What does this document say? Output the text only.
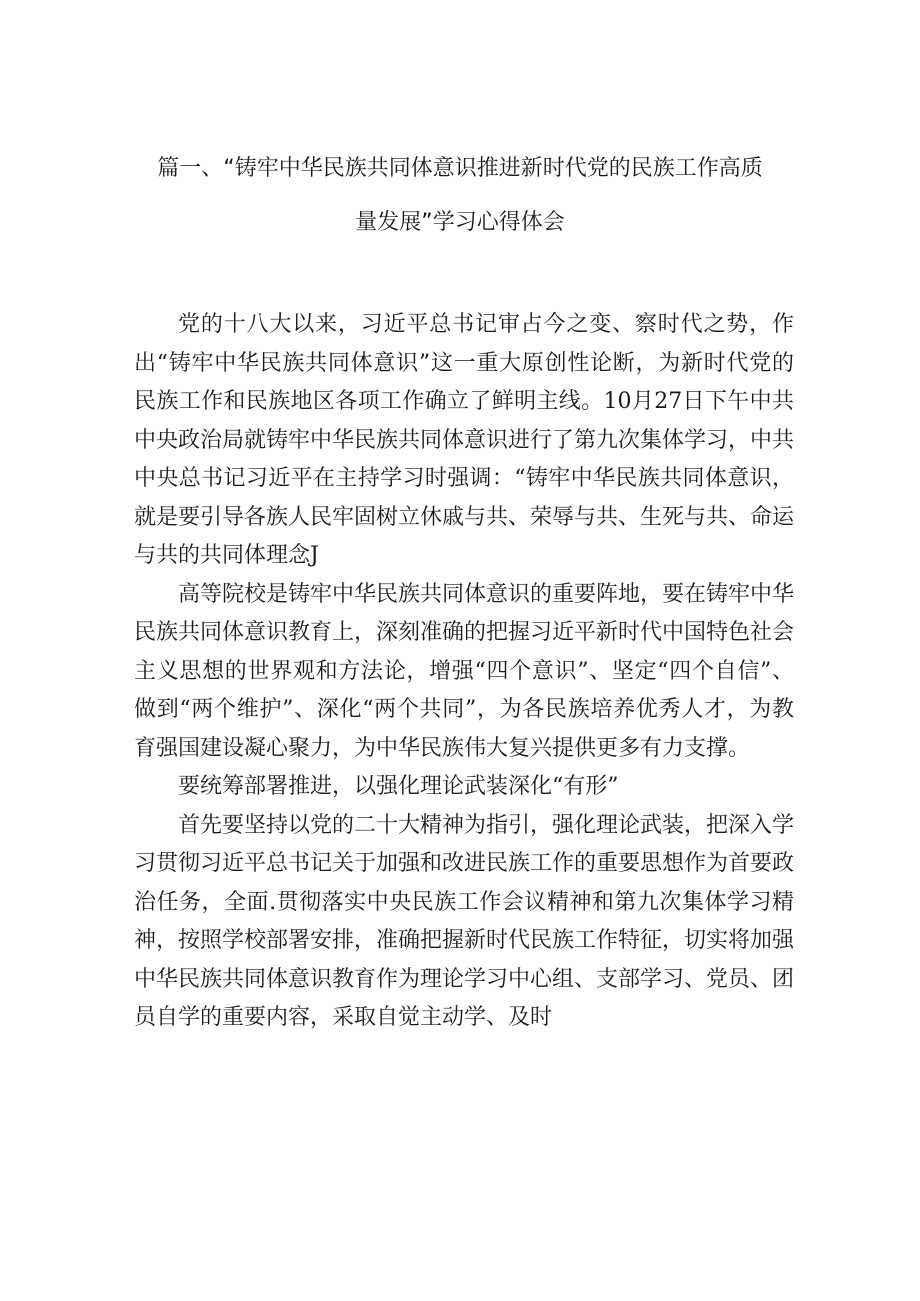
篇一、“铸牢中华民族共同体意识推进新时代党的民族工作高质
量发展”学习心得体会

党的十八大以来，习近平总书记审占今之变、察时代之势，作出“铸牢中华民族共同体意识”这一重大原创性论断，为新时代党的民族工作和民族地区各项工作确立了鲜明主线。10月27日下午中共中央政治局就铸牢中华民族共同体意识进行了第九次集体学习，中共中央总书记习近平在主持学习时强调：“铸牢中华民族共同体意识，就是要引导各族人民牢固树立休戚与共、荣辱与共、生死与共、命运与共的共同体理念J

高等院校是铸牢中华民族共同体意识的重要阵地，要在铸牢中华民族共同体意识教育上，深刻准确的把握习近平新时代中国特色社会主义思想的世界观和方法论，增强“四个意识”、坚定“四个自信”、做到“两个维护”、深化“两个共同”，为各民族培养优秀人才，为教育强国建设凝心聚力，为中华民族伟大复兴提供更多有力支撑。

要统筹部署推进，以强化理论武装深化“有形”

首先要坚持以党的二十大精神为指引，强化理论武装，把深入学习贯彻习近平总书记关于加强和改进民族工作的重要思想作为首要政治任务，全面.贯彻落实中央民族工作会议精神和第九次集体学习精神，按照学校部署安排，准确把握新时代民族工作特征，切实将加强中华民族共同体意识教育作为理论学习中心组、支部学习、党员、团员自学的重要内容，采取自觉主动学、及时
